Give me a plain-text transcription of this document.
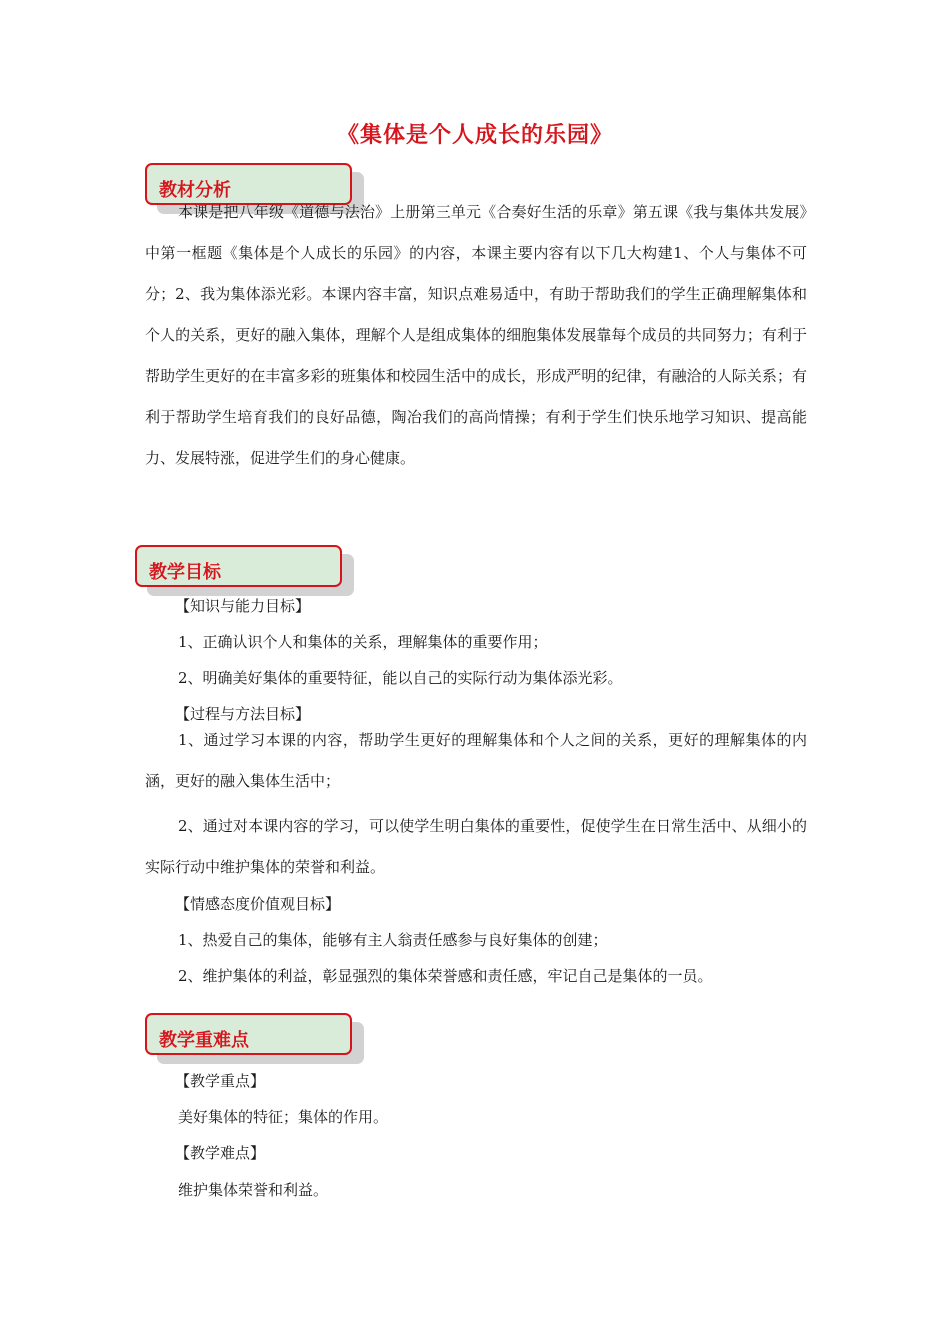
《集体是个人成长的乐园》
教材分析

本课是把八年级《道德与法治》上册第三单元《合奏好生活的乐章》第五课《我与集体共发展》中第一框题《集体是个人成长的乐园》的内容，本课主要内容有以下几大构建1、个人与集体不可分；2、我为集体添光彩。本课内容丰富，知识点难易适中，有助于帮助我们的学生正确理解集体和个人的关系，更好的融入集体，理解个人是组成集体的细胞集体发展靠每个成员的共同努力；有利于帮助学生更好的在丰富多彩的班集体和校园生活中的成长，形成严明的纪律，有融洽的人际关系；有利于帮助学生培育我们的良好品德，陶冶我们的高尚情操；有利于学生们快乐地学习知识、提高能力、发展特涨，促进学生们的身心健康。

教学目标
【知识与能力目标】
1、正确认识个人和集体的关系，理解集体的重要作用；
2、明确美好集体的重要特征，能以自己的实际行动为集体添光彩。
【过程与方法目标】

1、通过学习本课的内容，帮助学生更好的理解集体和个人之间的关系，更好的理解集体的内涵，更好的融入集体生活中；

2、通过对本课内容的学习，可以使学生明白集体的重要性，促使学生在日常生活中、从细小的实际行动中维护集体的荣誉和利益。

【情感态度价值观目标】
1、热爱自己的集体，能够有主人翁责任感参与良好集体的创建；
2、维护集体的利益，彰显强烈的集体荣誉感和责任感，牢记自己是集体的一员。
教学重难点
【教学重点】
美好集体的特征；集体的作用。
【教学难点】
维护集体荣誉和利益。
